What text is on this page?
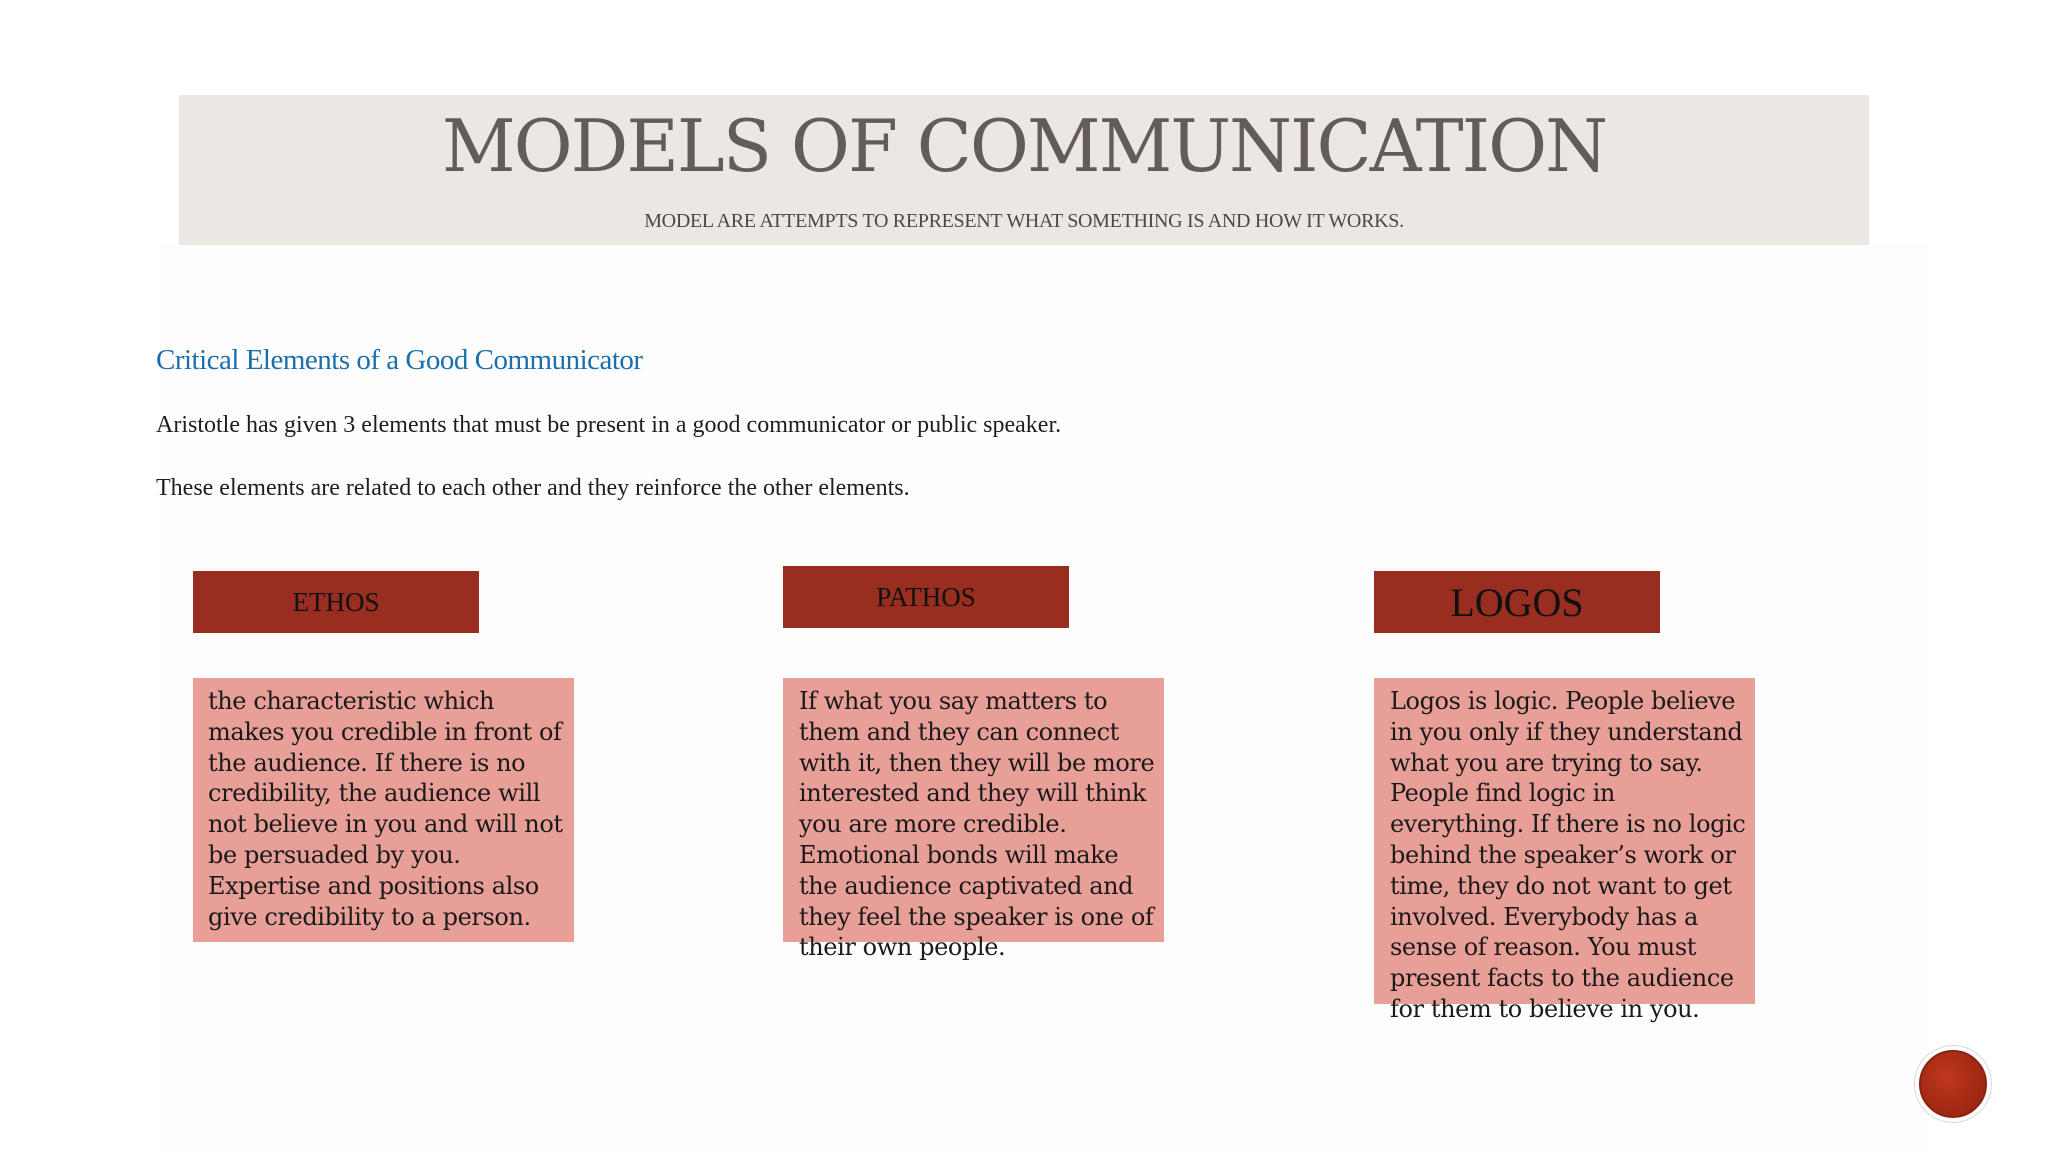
MODELS OF COMMUNICATION
MODEL ARE ATTEMPTS TO REPRESENT WHAT SOMETHING IS AND HOW IT WORKS.
Critical Elements of a Good Communicator
Aristotle has given 3 elements that must be present in a good communicator or public speaker.
These elements are related to each other and they reinforce the other elements.
ETHOS

the characteristic which makes you credible in front of the audience. If there is no credibility, the audience will not believe in you and will not be persuaded by you. Expertise and positions also give credibility to a person.

PATHOS

If what you say matters to them and they can connect with it, then they will be more interested and they will think you are more credible. Emotional bonds will make the audience captivated and they feel the speaker is one of their own people.

LOGOS

Logos is logic. People believe in you only if they understand what you are trying to say. People find logic in everything. If there is no logic behind the speaker’s work or time, they do not want to get involved. Everybody has a sense of reason. You must present facts to the audience for them to believe in you.
